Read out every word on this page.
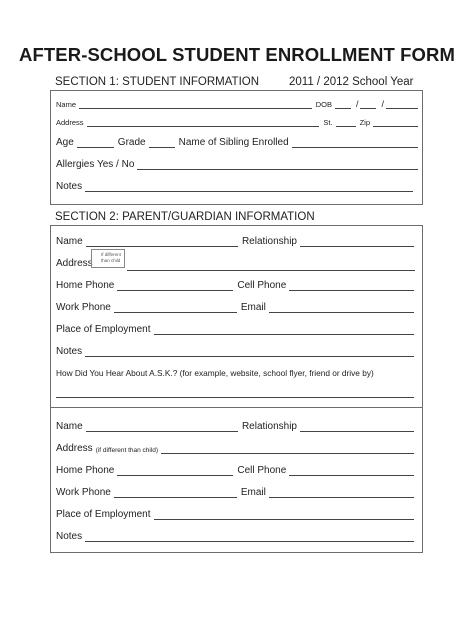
AFTER-SCHOOL STUDENT ENROLLMENT FORM
SECTION 1: STUDENT INFORMATION	2011 / 2012 School Year
Name	DOB	/	/
Address	St.	Zip
Age	Grade	Name of Sibling Enrolled
Allergies Yes / No
Notes
SECTION 2: PARENT/GUARDIAN INFORMATION
Name	Relationship
Address
If different than child
Home Phone	Cell Phone
Work Phone	Email
Place of Employment
Notes
How Did You Hear About A.S.K.? (for example, website, school flyer, friend or drive by)
Name	Relationship
Address (if different than child)
Home Phone	Cell Phone
Work Phone	Email
Place of Employment
Notes
